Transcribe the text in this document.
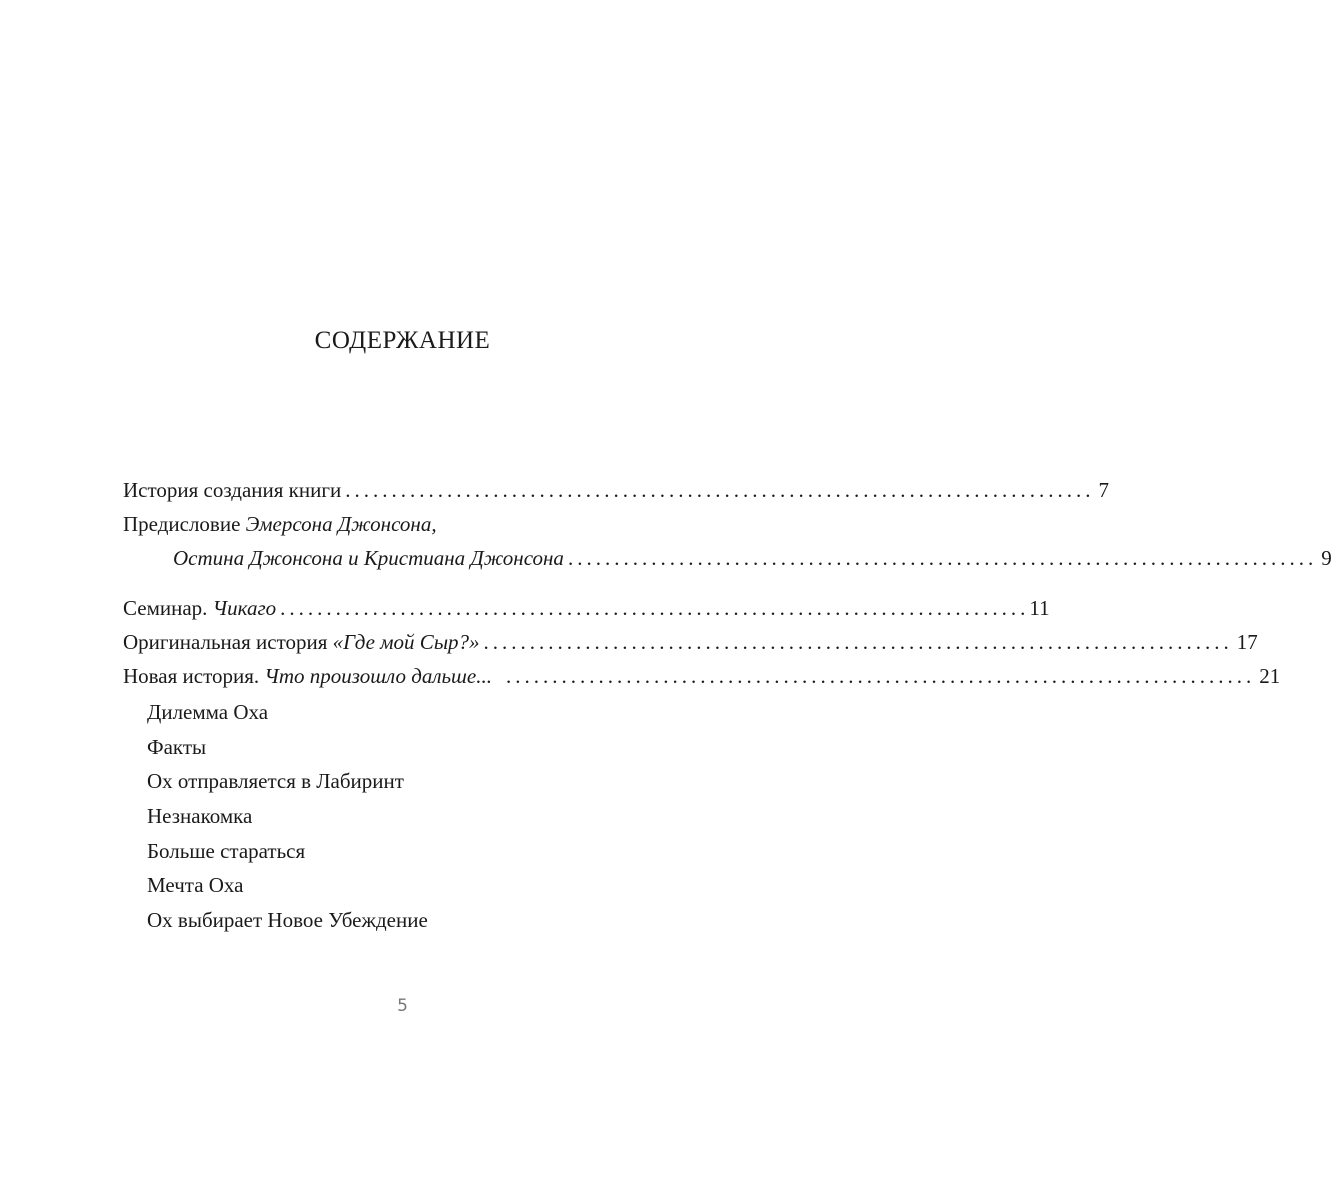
СОДЕРЖАНИЕ
История создания книги ................................................................................. 7
Предисловие Эмерсона Джонсона,
Остина Джонсона и Кристиана Джонсона ................................................................................. 9
Семинар. Чикаго ................................................................................. 11
Оригинальная история «Где мой Сыр?» ................................................................................. 17
Новая история. Что произошло дальше... ................................................................................. 21
Дилемма Оха
Факты
Ох отправляется в Лабиринт
Незнакомка
Больше стараться
Мечта Оха
Ох выбирает Новое Убеждение
5
